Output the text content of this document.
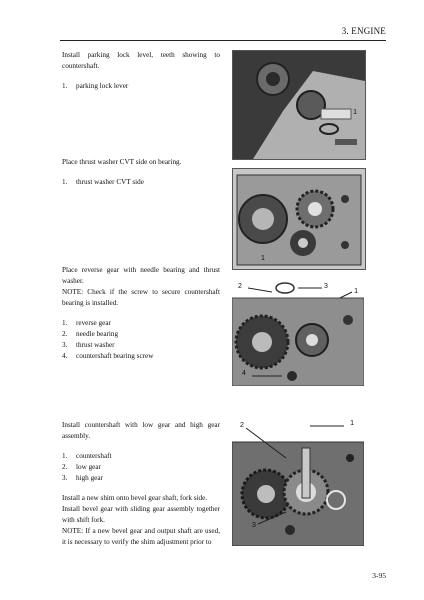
3. ENGINE

Install parking lock level, teeth showing to countershaft.

1.	parking lock lever
1

Place thrust washer CVT side on bearing.

1.	thrust washer CVT side
1

Place reverse gear with needle bearing and thrust washer.

NOTE: Check if the screw to secure countershaft bearing is installed.

1.	reverse gear
2.	needle bearing
3.	thrust washer
4.	countershaft bearing screw
2	3
1
4

Install countershaft with low gear and high gear assembly.

1.	countershaft
2.	low gear
3.	high gear

Install a new shim onto bevel gear shaft, fork side.

Install bevel gear with sliding gear assembly together with shift fork.

NOTE: If a new bevel gear and output shaft are used, it is necessary to verify the shim adjustment prior to

2	1
3
3-95
